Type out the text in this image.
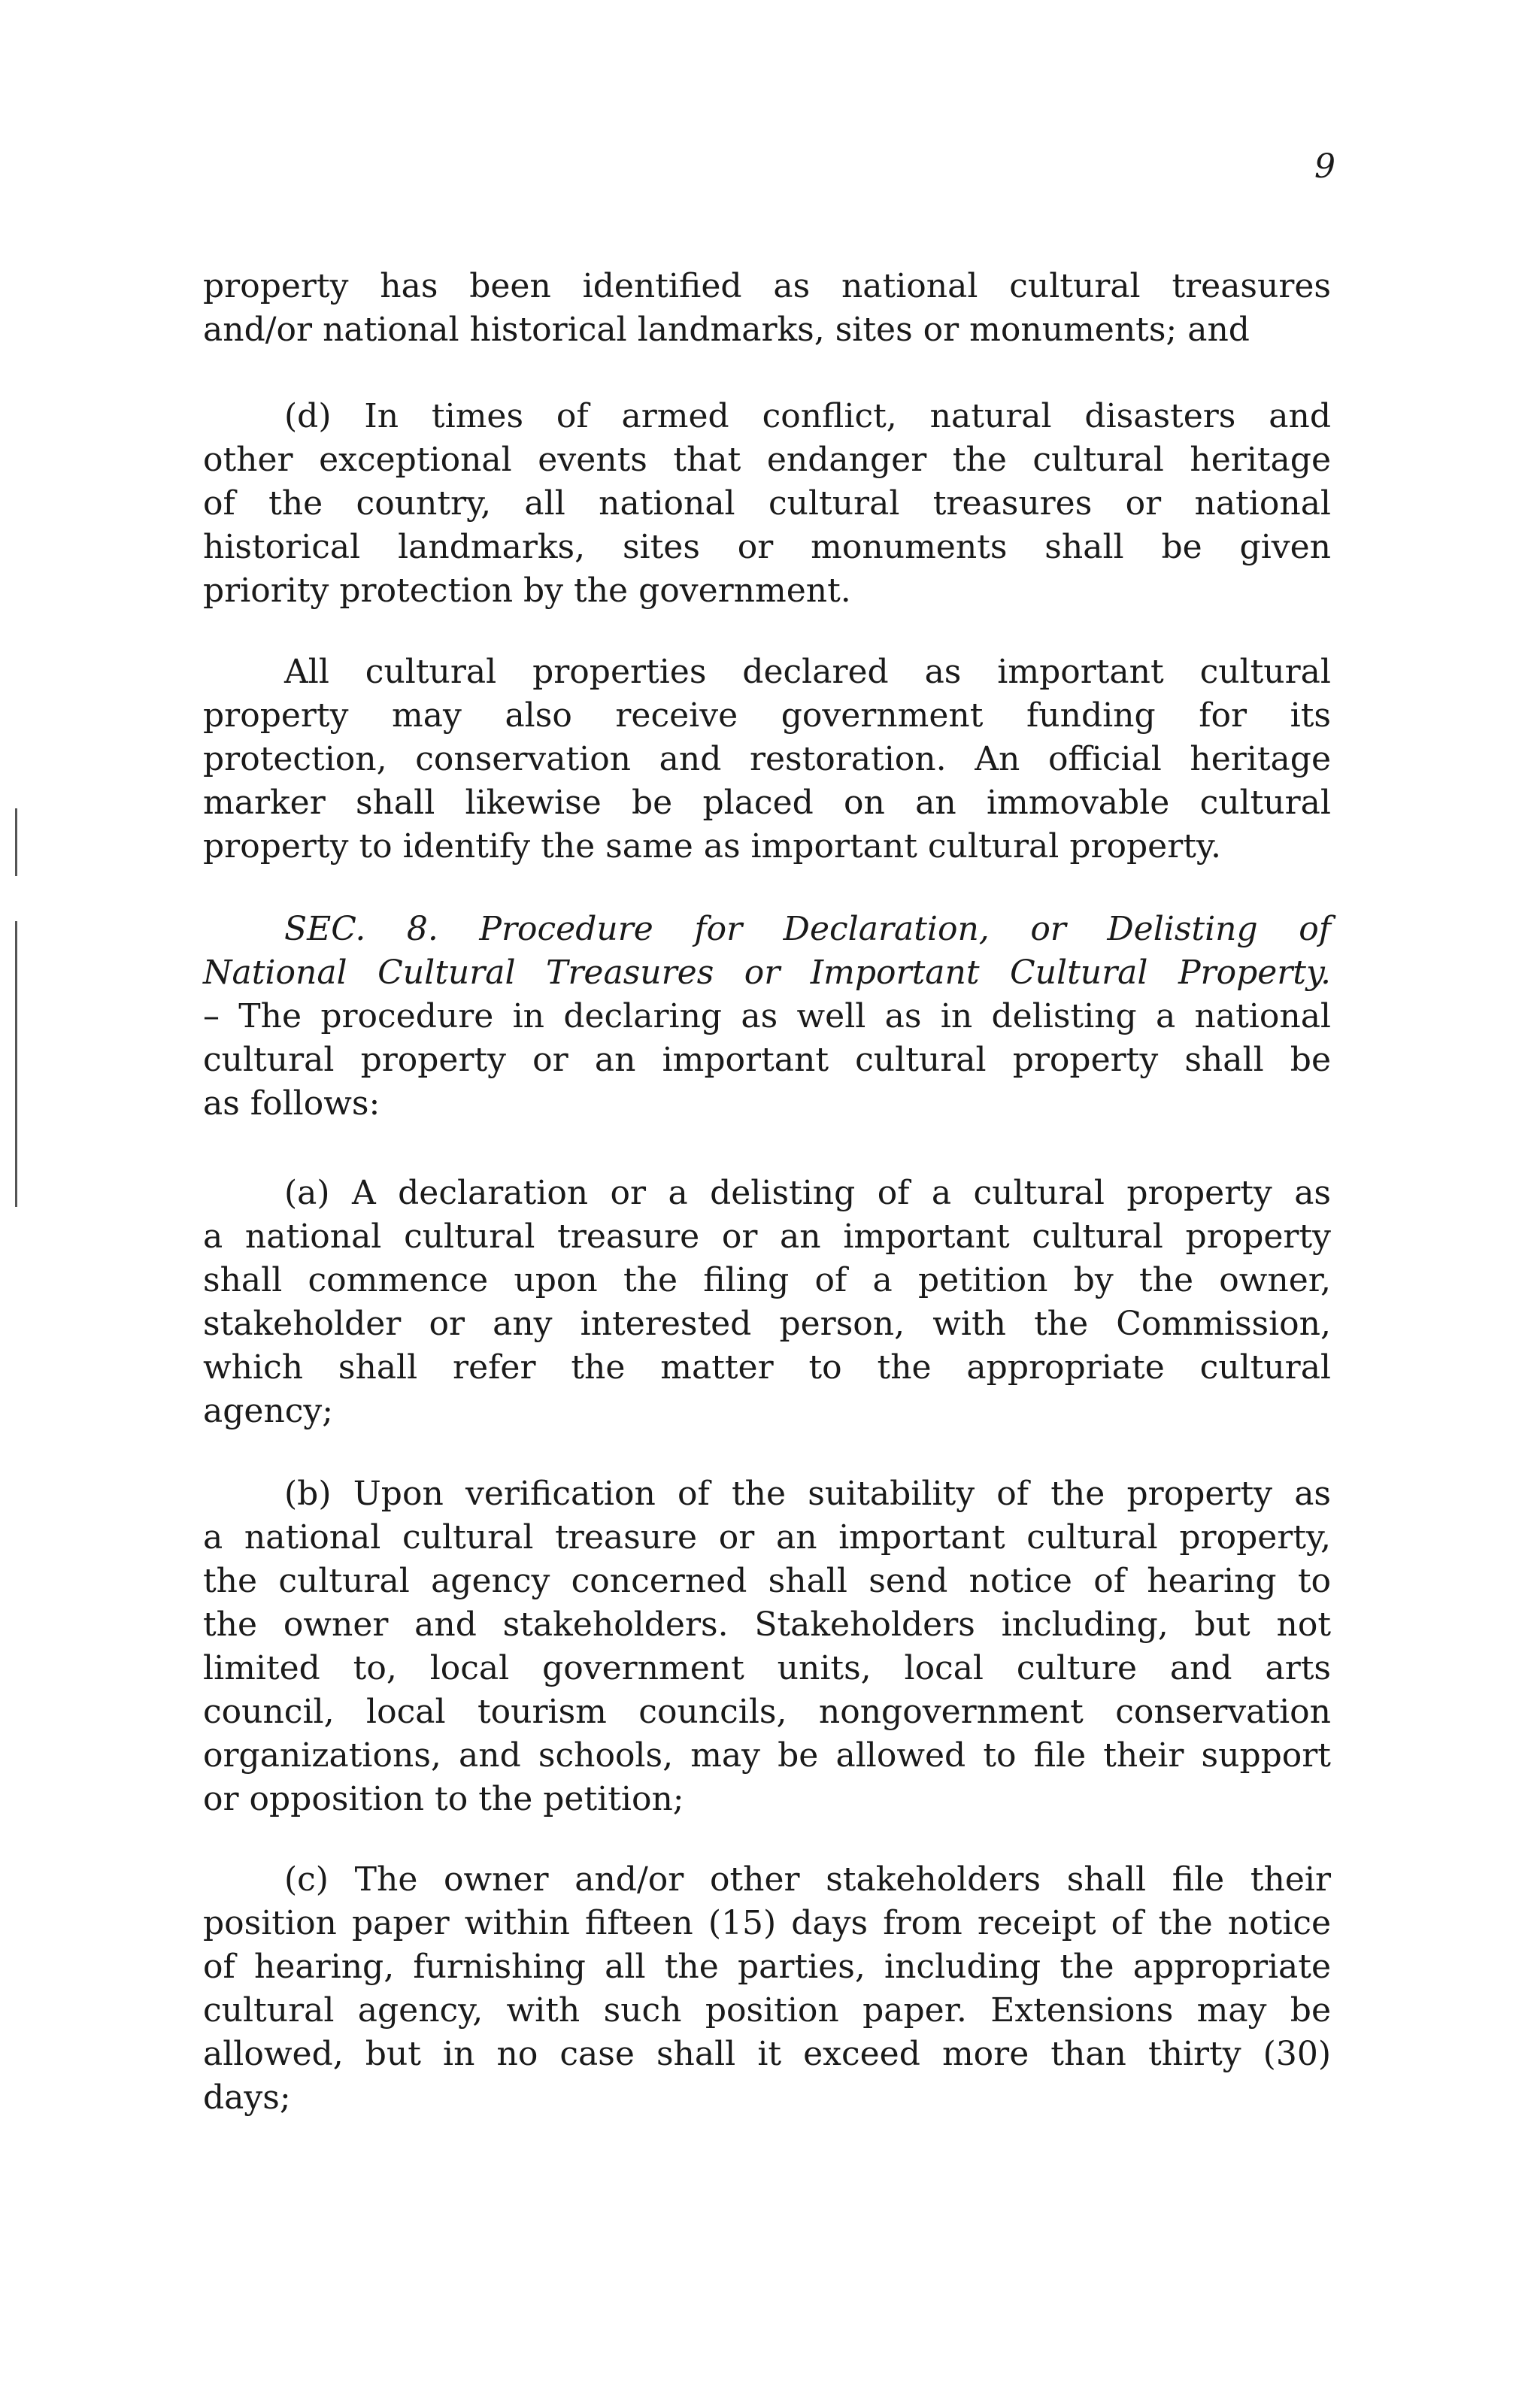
9
property has been identified as national cultural treasures
and/or national historical landmarks, sites or monuments; and
(d) In times of armed conflict, natural disasters and
other exceptional events that endanger the cultural heritage
of the country, all national cultural treasures or national
historical landmarks, sites or monuments shall be given
priority protection by the government.
All cultural properties declared as important cultural
property may also receive government funding for its
protection, conservation and restoration. An official heritage
marker shall likewise be placed on an immovable cultural
property to identify the same as important cultural property.
SEC. 8. Procedure for Declaration, or Delisting of
National Cultural Treasures or Important Cultural Property.
– The procedure in declaring as well as in delisting a national
cultural property or an important cultural property shall be
as follows:
(a) A declaration or a delisting of a cultural property as
a national cultural treasure or an important cultural property
shall commence upon the filing of a petition by the owner,
stakeholder or any interested person, with the Commission,
which shall refer the matter to the appropriate cultural
agency;
(b) Upon verification of the suitability of the property as
a national cultural treasure or an important cultural property,
the cultural agency concerned shall send notice of hearing to
the owner and stakeholders. Stakeholders including, but not
limited to, local government units, local culture and arts
council, local tourism councils, nongovernment conservation
organizations, and schools, may be allowed to file their support
or opposition to the petition;
(c) The owner and/or other stakeholders shall file their
position paper within fifteen (15) days from receipt of the notice
of hearing, furnishing all the parties, including the appropriate
cultural agency, with such position paper. Extensions may be
allowed, but in no case shall it exceed more than thirty (30)
days;
